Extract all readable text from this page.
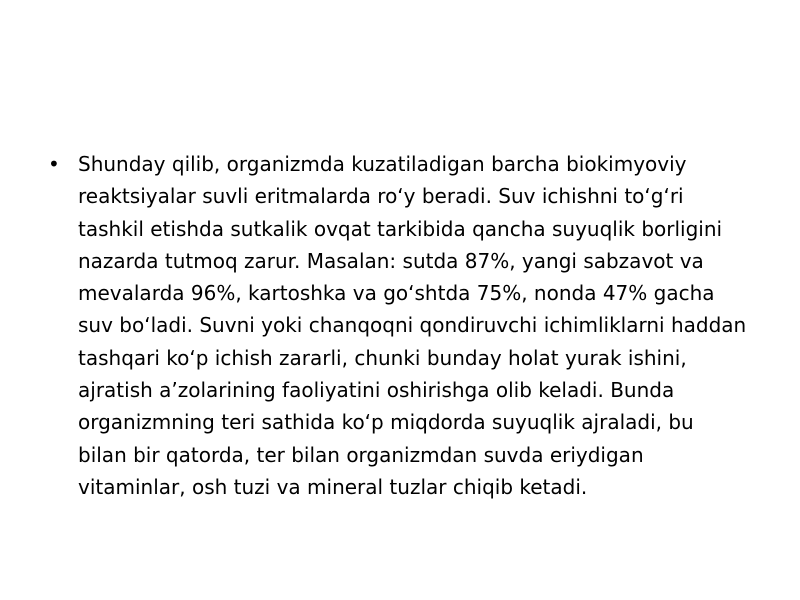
• Shunday qilib, organizmda kuzatiladigan barcha biokimyoviy reaktsiyalar suvli eritmalarda ro‘y beradi. Suv ichishni to‘g‘ri tashkil etishda sutkalik ovqat tarkibida qancha suyuqlik borligini nazarda tutmoq zarur. Masalan: sutda 87%, yangi sabzavot va mevalarda 96%, kartoshka va go‘shtda 75%, nonda 47% gacha suv bo‘ladi. Suvni yoki chanqoqni qondiruvchi ichimliklarni haddan tashqari ko‘p ichish zararli, chunki bunday holat yurak ishini, ajratish a’zolarining faoliyatini oshirishga olib keladi. Bunda organizmning teri sathida ko‘p miqdorda suyuqlik ajraladi, bu bilan bir qatorda, ter bilan organizmdan suvda eriydigan vitaminlar, osh tuzi va mineral tuzlar chiqib ketadi.
